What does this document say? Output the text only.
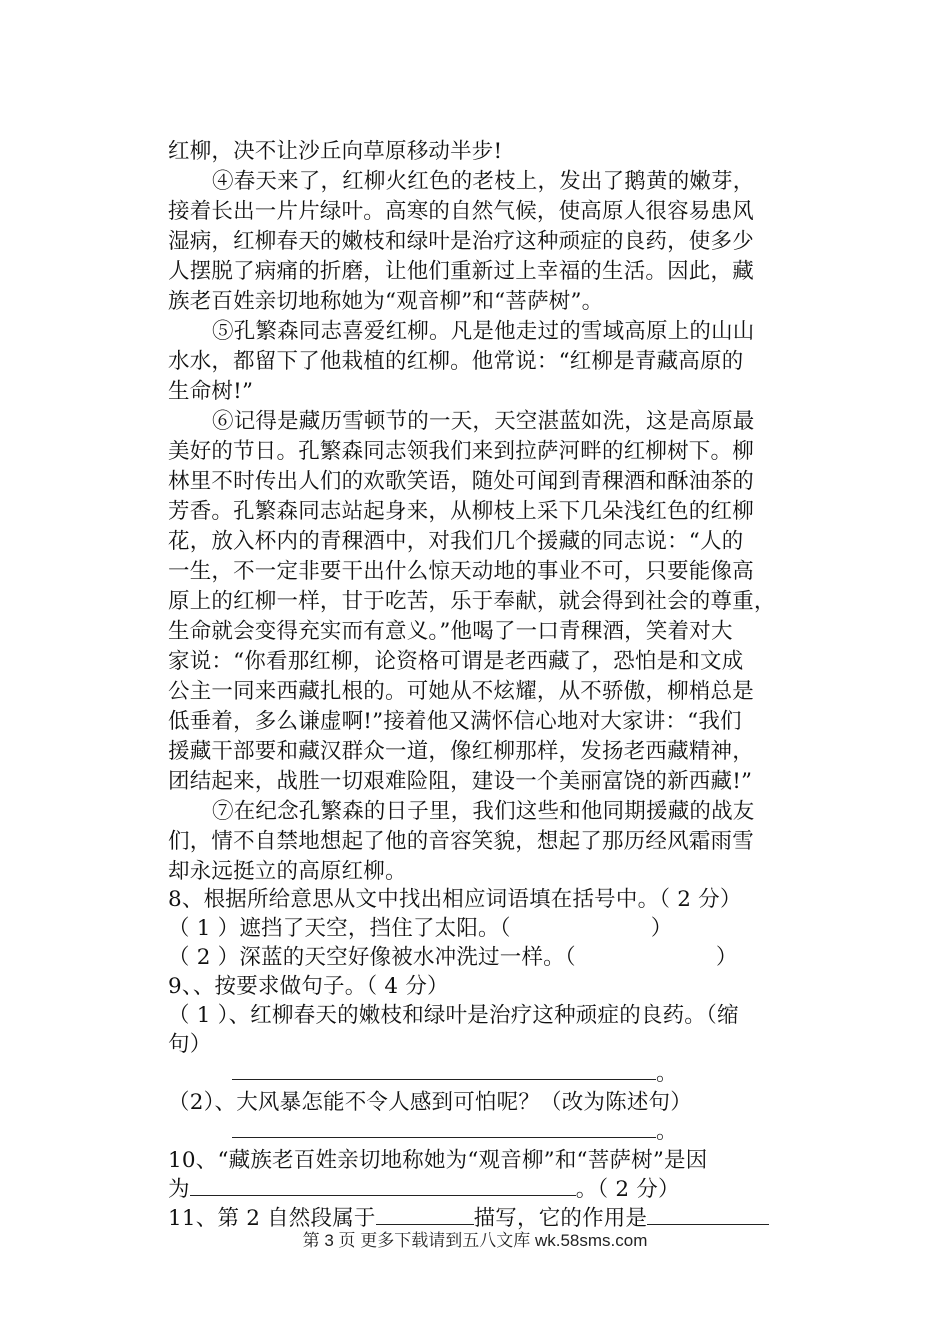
红柳，决不让沙丘向草原移动半步!
④春天来了，红柳火红色的老枝上，发出了鹅黄的嫩芽，
接着长出一片片绿叶。高寒的自然气候，使高原人很容易患风
湿病，红柳春天的嫩枝和绿叶是治疗这种顽症的良药，使多少
人摆脱了病痛的折磨，让他们重新过上幸福的生活。因此，藏
族老百姓亲切地称她为“观音柳”和“菩萨树”。
⑤孔繁森同志喜爱红柳。凡是他走过的雪域高原上的山山
水水，都留下了他栽植的红柳。他常说：“红柳是青藏高原的
生命树!”
⑥记得是藏历雪顿节的一天，天空湛蓝如洗，这是高原最
美好的节日。孔繁森同志领我们来到拉萨河畔的红柳树下。柳
林里不时传出人们的欢歌笑语，随处可闻到青稞酒和酥油茶的
芳香。孔繁森同志站起身来，从柳枝上采下几朵浅红色的红柳
花，放入杯内的青稞酒中，对我们几个援藏的同志说：“人的
一生，不一定非要干出什么惊天动地的事业不可，只要能像高
原上的红柳一样，甘于吃苦，乐于奉献，就会得到社会的尊重，
生命就会变得充实而有意义。”他喝了一口青稞酒，笑着对大
家说：“你看那红柳，论资格可谓是老西藏了，恐怕是和文成
公主一同来西藏扎根的。可她从不炫耀，从不骄傲，柳梢总是
低垂着，多么谦虚啊!”接着他又满怀信心地对大家讲：“我们
援藏干部要和藏汉群众一道，像红柳那样，发扬老西藏精神，
团结起来，战胜一切艰难险阻，建设一个美丽富饶的新西藏!”
⑦在纪念孔繁森的日子里，我们这些和他同期援藏的战友
们，情不自禁地想起了他的音容笑貌，想起了那历经风霜雨雪
却永远挺立的高原红柳。
8、根据所给意思从文中找出相应词语填在括号中。（ 2 分）
（ 1 ）遮挡了天空，挡住了太阳。（	）
（ 2 ）深蓝的天空好像被水冲洗过一样。（	）
9、、按要求做句子。（ 4 分）
（ 1 ）、红柳春天的嫩枝和绿叶是治疗这种顽症的良药。（缩
句）
。
（2）、大风暴怎能不令人感到可怕呢？（改为陈述句）
。
10、“藏族老百姓亲切地称她为“观音柳”和“菩萨树”是因
为	。（ 2 分）
11、第 2 自然段属于	描写，它的作用是
第 3 页 更多下载请到五八文库 wk.58sms.com
